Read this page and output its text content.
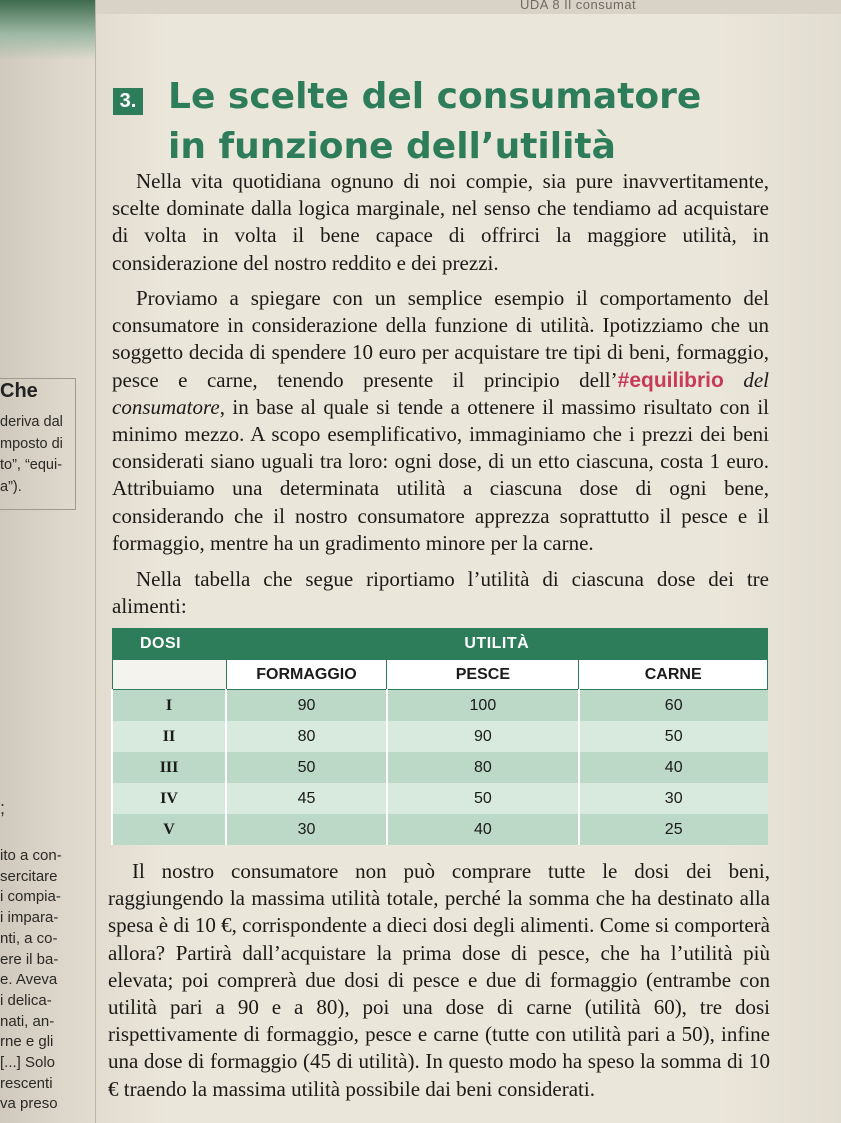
UDA 8 Il consumat
3. Le scelte del consumatore
in funzione dell’utilità

Nella vita quotidiana ognuno di noi compie, sia pure inavvertitamente, scelte dominate dalla logica marginale, nel senso che tendiamo ad acquistare di volta in volta il bene capace di offrirci la maggiore utilità, in considerazione del nostro reddito e dei prezzi.

Proviamo a spiegare con un semplice esempio il comportamento del consumatore in considerazione della funzione di utilità. Ipotizziamo che un soggetto decida di spendere 10 euro per acquistare tre tipi di beni, formaggio, pesce e carne, tenendo presente il principio dell’#equilibrio del consumatore, in base al quale si tende a ottenere il massimo risultato con il minimo mezzo. A scopo esemplificativo, immaginiamo che i prezzi dei beni considerati siano uguali tra loro: ogni dose, di un etto ciascuna, costa 1 euro. Attribuiamo una determinata utilità a ciascuna dose di ogni bene, considerando che il nostro consumatore apprezza soprattutto il pesce e il formaggio, mentre ha un gradimento minore per la carne.

Nella tabella che segue riportiamo l’utilità di ciascuna dose dei tre alimenti:

DOSI	UTILITÀ		
	FORMAGGIO	PESCE	CARNE
I	90	100	60
II	80	90	50
III	50	80	40
IV	45	50	30
V	30	40	25

Il nostro consumatore non può comprare tutte le dosi dei beni, raggiungendo la massima utilità totale, perché la somma che ha destinato alla spesa è di 10 €, corrispondente a dieci dosi degli alimenti. Come si comporterà allora? Partirà dall’acquistare la prima dose di pesce, che ha l’utilità più elevata; poi comprerà due dosi di pesce e due di formaggio (entrambe con utilità pari a 90 e a 80), poi una dose di carne (utilità 60), tre dosi rispettivamente di formaggio, pesce e carne (tutte con utilità pari a 50), infine una dose di formaggio (45 di utilità). In questo modo ha speso la somma di 10 € traendo la massima utilità possibile dai beni considerati.

Che
deriva dal
mposto di
to”, “equi-
a”).
;
ito a con-
sercitare
i compia-
i impara-
nti, a co-
ere il ba-
e. Aveva
i delica-
nati, an-
rne e gli
[...] Solo
rescenti
va preso
